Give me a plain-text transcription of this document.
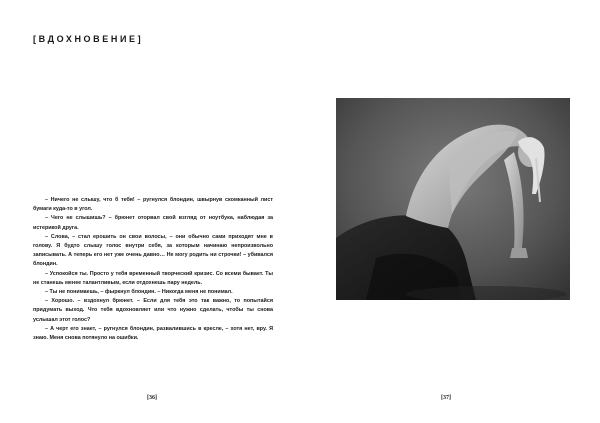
[ВДОХНОВЕНИЕ]

– Ничего не слышу, что б тебя! – ругнулся блондин, швырнув скомканный лист бумаги куда-то в угол.

– Чего не слышишь? – брюнет оторвал свой взгляд от ноутбука, наблюдая за истерикой друга.

– Слова, – стал ерошить он свои волосы, – они обычно сами приходят мне в голову. Я будто слышу голос внутри себя, за которым начинаю непроизвольно записывать. А теперь его нет уже очень давно… Не могу родить ни строчки! – убивался блондин.

– Успокойся ты. Просто у тебя временный творческий кризис. Со всеми бывает. Ты не станешь менее талантливым, если отдохнешь пару недель.

– Ты не понимаешь, – фыркнул блондин. – Никогда меня не понимал.

– Хорошо. – вздохнул брюнет. – Если для тебя это так важно, то попытайся придумать выход. Что тебя вдохновляет или что нужно сделать, чтобы ты снова услышал этот голос?

– А черт его знает, – ругнулся блондин, развалившись в кресле, – хотя нет, вру. Я знаю. Меня снова потянуло на ошибки.

[36]	[37]
